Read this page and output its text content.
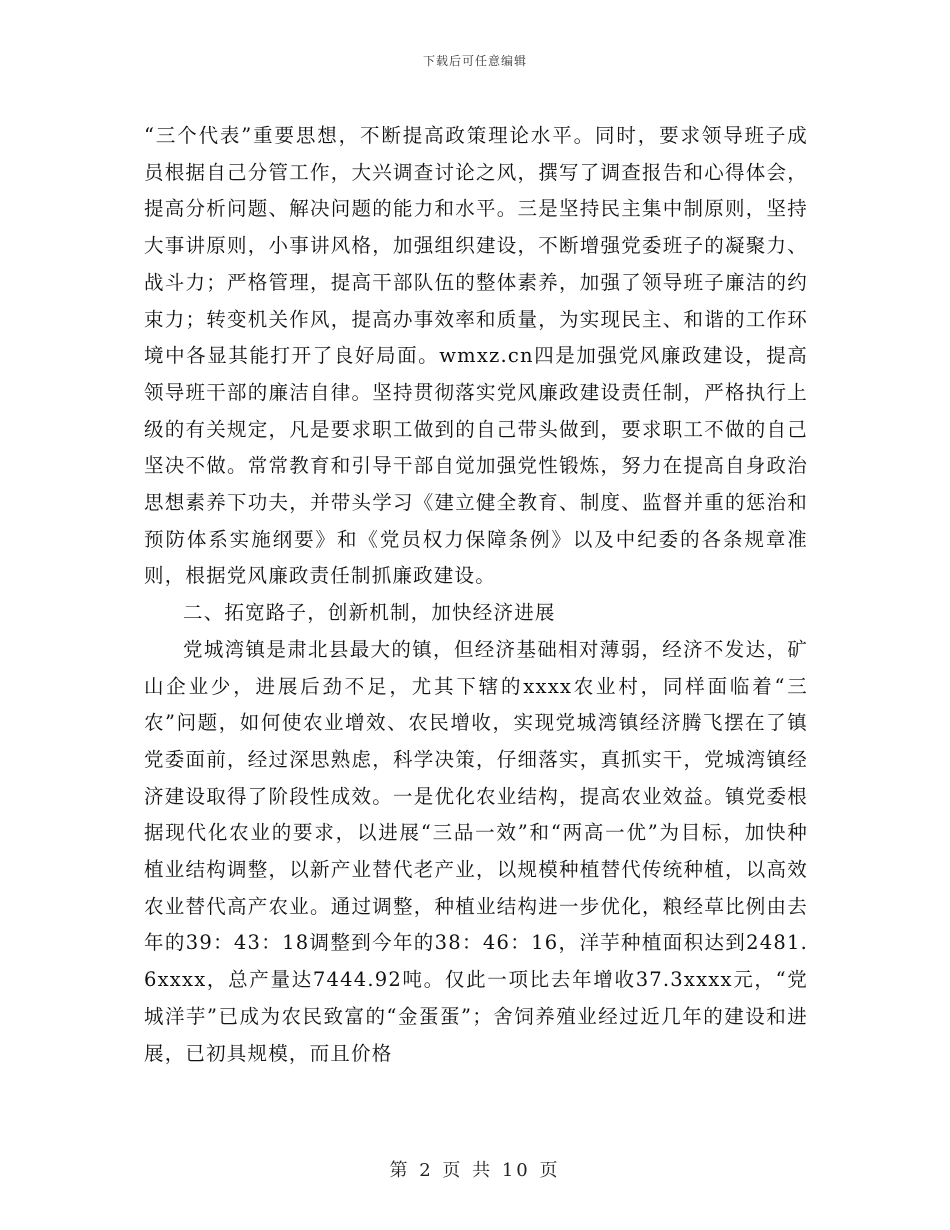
下载后可任意编辑

“三个代表”重要思想，不断提高政策理论水平。同时，要求领导班子成员根据自己分管工作，大兴调查讨论之风，撰写了调查报告和心得体会，提高分析问题、解决问题的能力和水平。三是坚持民主集中制原则，坚持大事讲原则，小事讲风格，加强组织建设，不断增强党委班子的凝聚力、战斗力；严格管理，提高干部队伍的整体素养，加强了领导班子廉洁的约束力；转变机关作风，提高办事效率和质量，为实现民主、和谐的工作环境中各显其能打开了良好局面。wmxz.cn四是加强党风廉政建设，提高领导班干部的廉洁自律。坚持贯彻落实党风廉政建设责任制，严格执行上级的有关规定，凡是要求职工做到的自己带头做到，要求职工不做的自己坚决不做。常常教育和引导干部自觉加强党性锻炼，努力在提高自身政治思想素养下功夫，并带头学习《建立健全教育、制度、监督并重的惩治和预防体系实施纲要》和《党员权力保障条例》以及中纪委的各条规章准则，根据党风廉政责任制抓廉政建设。

二、拓宽路子，创新机制，加快经济进展

党城湾镇是肃北县最大的镇，但经济基础相对薄弱，经济不发达，矿山企业少，进展后劲不足，尤其下辖的xxxx农业村，同样面临着“三农”问题，如何使农业增效、农民增收，实现党城湾镇经济腾飞摆在了镇党委面前，经过深思熟虑，科学决策，仔细落实，真抓实干，党城湾镇经济建设取得了阶段性成效。一是优化农业结构，提高农业效益。镇党委根据现代化农业的要求，以进展“三品一效”和“两高一优”为目标，加快种植业结构调整，以新产业替代老产业，以规模种植替代传统种植，以高效农业替代高产农业。通过调整，种植业结构进一步优化，粮经草比例由去年的39：43：18调整到今年的38：46：16，洋芋种植面积达到2481.6xxxx，总产量达7444.92吨。仅此一项比去年增收37.3xxxx元，“党城洋芋”已成为农民致富的“金蛋蛋”；舍饲养殖业经过近几年的建设和进展，已初具规模，而且价格

第 2 页 共 10 页
